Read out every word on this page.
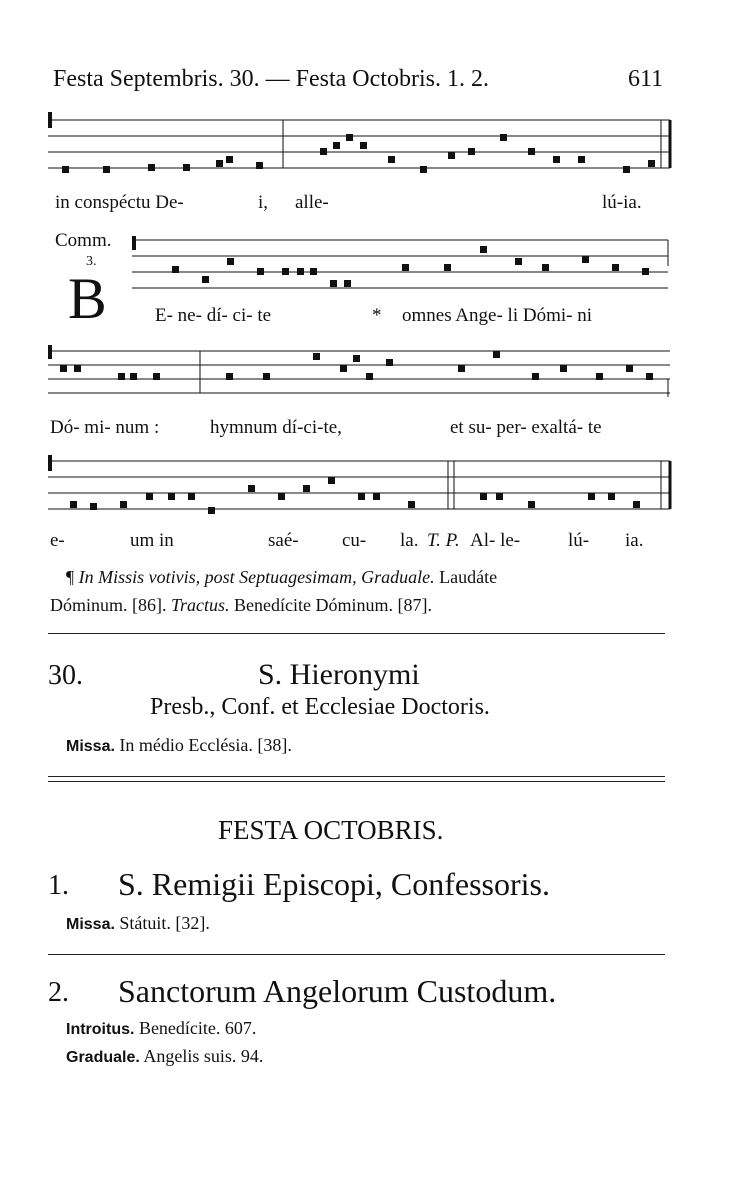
Festa Septembris. 30. — Festa Octobris. 1. 2.	611
in conspéctu De-	i, alle-	lú-ia.
Comm.
3.
B	E- ne- dí- ci- te	* omnes Ange- li Dómi- ni
Dó- mi- num :	hymnum dí-ci-te,	et su- per- exaltá- te
e-	um in	saé- cu- la. T. P. Al- le-	lú- ia.
¶ In Missis votivis, post Septuagesimam, Graduale. Laudáte
Dóminum. [86]. Tractus. Benedícite Dóminum. [87].
30.	S. Hieronymi
Presb., Conf. et Ecclesiae Doctoris.
Missa. In médio Ecclésia. [38].
FESTA OCTOBRIS.
1. S. Remigii Episcopi, Confessoris.
Missa. Státuit. [32].
2. Sanctorum Angelorum Custodum.
Introitus. Benedícite. 607.
Graduale. Angelis suis. 94.
